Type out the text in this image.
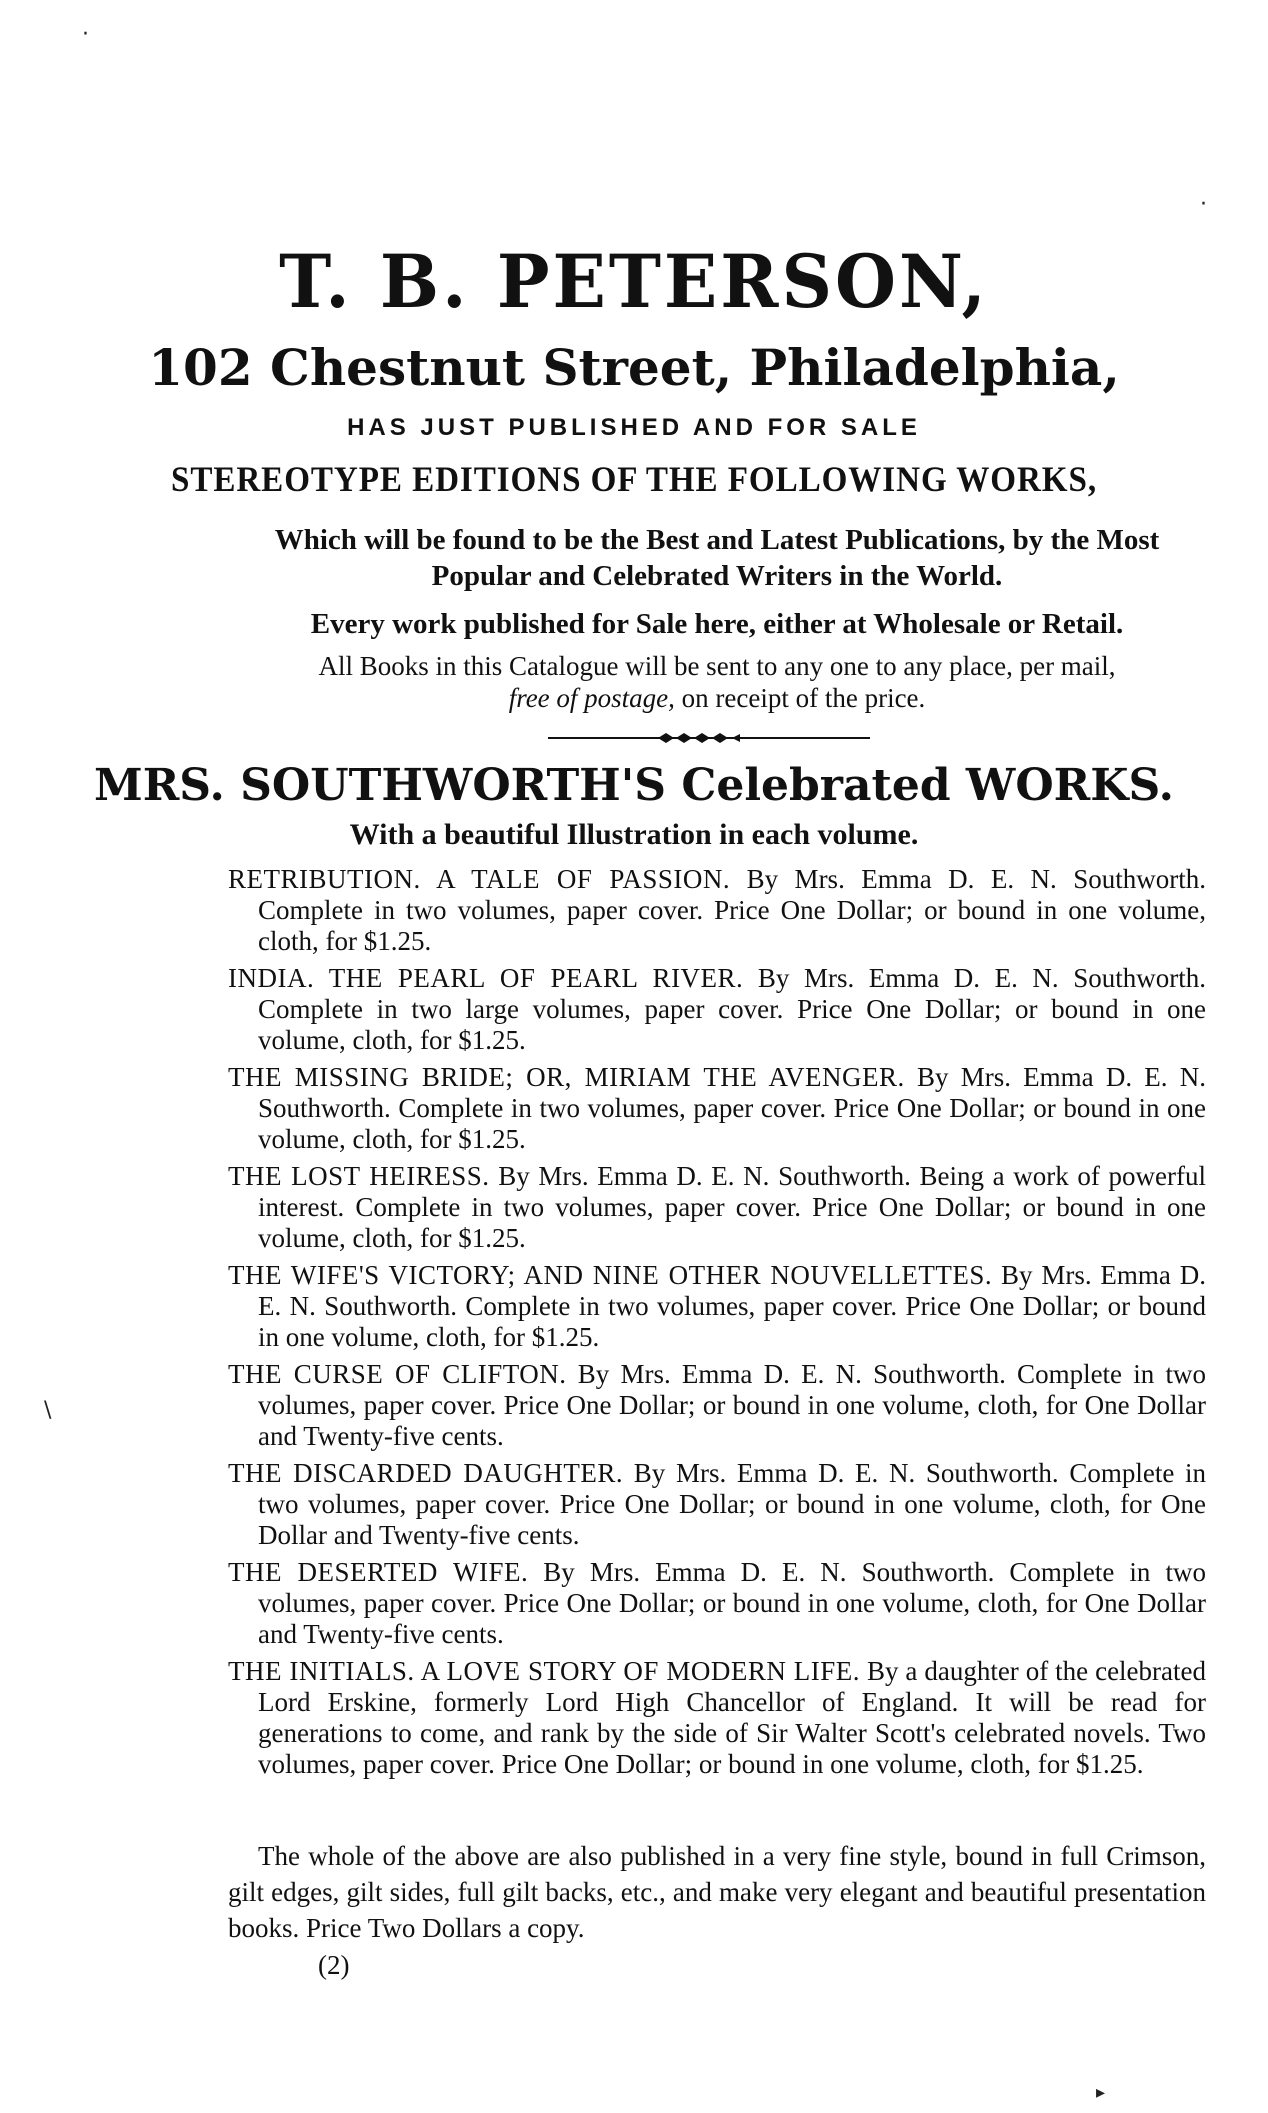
·
·
\
T. B. PETERSON,
102 Chestnut Street, Philadelphia,
HAS JUST PUBLISHED AND FOR SALE
STEREOTYPE EDITIONS OF THE FOLLOWING WORKS,
Which will be found to be the Best and Latest Publications, by the Most Popular and Celebrated Writers in the World.
Every work published for Sale here, either at Wholesale or Retail.
All Books in this Catalogue will be sent to any one to any place, per mail,
free of postage, on receipt of the price.
MRS. SOUTHWORTH'S Celebrated WORKS.
With a beautiful Illustration in each volume.
RETRIBUTION. A TALE OF PASSION. By Mrs. Emma D. E. N. Southworth. Complete in two volumes, paper cover. Price One Dollar; or bound in one volume, cloth, for $1.25.
INDIA. THE PEARL OF PEARL RIVER. By Mrs. Emma D. E. N. Southworth. Complete in two large volumes, paper cover. Price One Dollar; or bound in one volume, cloth, for $1.25.
THE MISSING BRIDE; OR, MIRIAM THE AVENGER. By Mrs. Emma D. E. N. Southworth. Complete in two volumes, paper cover. Price One Dollar; or bound in one volume, cloth, for $1.25.
THE LOST HEIRESS. By Mrs. Emma D. E. N. Southworth. Being a work of powerful interest. Complete in two volumes, paper cover. Price One Dollar; or bound in one volume, cloth, for $1.25.
THE WIFE'S VICTORY; AND NINE OTHER NOUVELLETTES. By Mrs. Emma D. E. N. Southworth. Complete in two volumes, paper cover. Price One Dollar; or bound in one volume, cloth, for $1.25.
THE CURSE OF CLIFTON. By Mrs. Emma D. E. N. Southworth. Complete in two volumes, paper cover. Price One Dollar; or bound in one volume, cloth, for One Dollar and Twenty-five cents.
THE DISCARDED DAUGHTER. By Mrs. Emma D. E. N. Southworth. Complete in two volumes, paper cover. Price One Dollar; or bound in one volume, cloth, for One Dollar and Twenty-five cents.
THE DESERTED WIFE. By Mrs. Emma D. E. N. Southworth. Complete in two volumes, paper cover. Price One Dollar; or bound in one volume, cloth, for One Dollar and Twenty-five cents.
THE INITIALS. A LOVE STORY OF MODERN LIFE. By a daughter of the celebrated Lord Erskine, formerly Lord High Chancellor of England. It will be read for generations to come, and rank by the side of Sir Walter Scott's celebrated novels. Two volumes, paper cover. Price One Dollar; or bound in one volume, cloth, for $1.25.
The whole of the above are also published in a very fine style, bound in full Crimson, gilt edges, gilt sides, full gilt backs, etc., and make very elegant and beautiful presentation books. Price Two Dollars a copy.
(2)
▸
